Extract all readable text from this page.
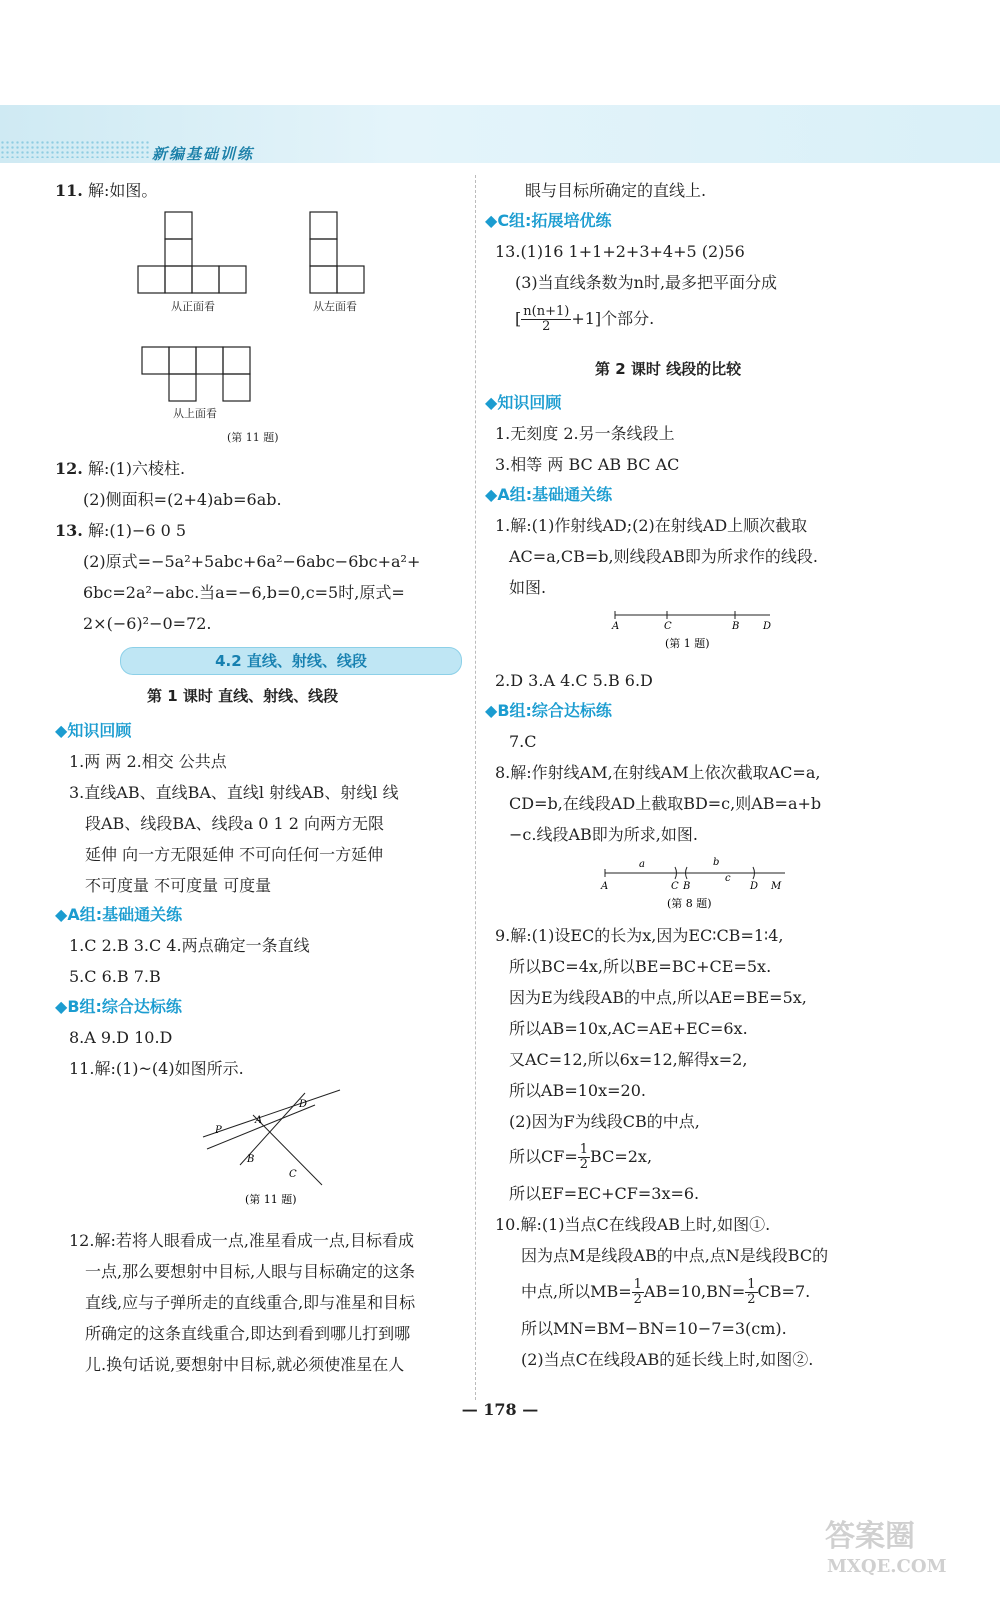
新编基础训练
11. 解:如图。
从正面看	从左面看
从上面看
(第 11 题)
12. 解:(1)六棱柱.
(2)侧面积=(2+4)ab=6ab.
13. 解:(1)−6 0 5
(2)原式=−5a²+5abc+6a²−6abc−6bc+a²+
6bc=2a²−abc.当a=−6,b=0,c=5时,原式=
2×(−6)²−0=72.
4.2 直线、射线、线段
第 1 课时 直线、射线、线段
◆知识回顾
1.两 两 2.相交 公共点
3.直线AB、直线BA、直线l 射线AB、射线l 线
段AB、线段BA、线段a 0 1 2 向两方无限
延伸 向一方无限延伸 不可向任何一方延伸
不可度量 不可度量 可度量
◆A组:基础通关练
1.C 2.B 3.C 4.两点确定一条直线
5.C 6.B 7.B
◆B组:综合达标练
8.A 9.D 10.D
11.解:(1)~(4)如图所示.
P
A
B
C
D
(第 11 题)
12.解:若将人眼看成一点,准星看成一点,目标看成
一点,那么要想射中目标,人眼与目标确定的这条
直线,应与子弹所走的直线重合,即与准星和目标
所确定的这条直线重合,即达到看到哪儿打到哪
儿.换句话说,要想射中目标,就必须使准星在人
眼与目标所确定的直线上.
◆C组:拓展培优练
13.(1)16 1+1+2+3+4+5 (2)56
(3)当直线条数为n时,最多把平面分成
[ $\frac{n(n+1)}{2} +1$]个部分.
第 2 课时 线段的比较
◆知识回顾
1.无刻度 2.另一条线段上
3.相等 两 BC AB BC AC
◆A组:基础通关练
1.解:(1)作射线AD;(2)在射线AD上顺次截取
AC=a,CB=b,则线段AB即为所求作的线段.
如图.
A	C	B D
(第 1 题)
2.D 3.A 4.C 5.B 6.D
◆B组:综合达标练
7.C
8.解:作射线AM,在射线AM上依次截取AC=a,
CD=b,在线段AD上截取BD=c,则AB=a+b
−c.线段AB即为所求,如图.
a	b
c
A	C B	D M
(第 8 题)
9.解:(1)设EC的长为x,因为EC∶CB=1∶4,
所以BC=4x,所以BE=BC+CE=5x.
因为E为线段AB的中点,所以AE=BE=5x,
所以AB=10x,AC=AE+EC=6x.
又AC=12,所以6x=12,解得x=2,
所以AB=10x=20.
(2)因为F为线段CB的中点,
所以$CF= \frac{1}{2} BC=2x$,
所以EF=EC+CF=3x=6.
10.解:(1)当点C在线段AB上时,如图①.
因为点M是线段AB的中点,点N是线段BC的
中点,所以$MB= \frac{1}{2} AB=10,BN= \frac{1}{2} CB=7$.
所以MN=BM−BN=10−7=3(cm).
(2)当点C在线段AB的延长线上时,如图②.
— 178 —
答案圈
MXQE.COM
